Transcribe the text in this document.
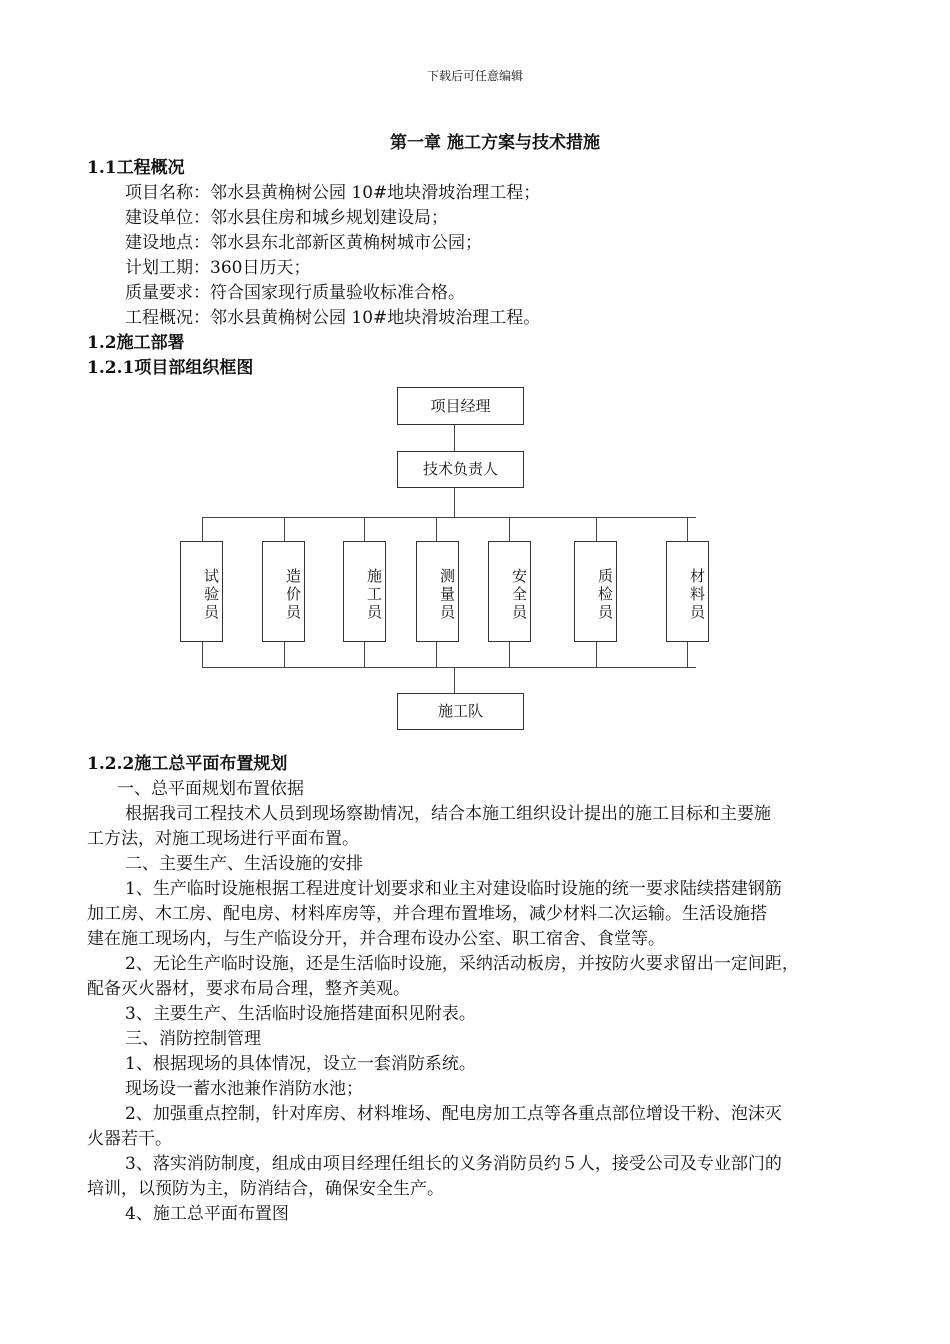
下载后可任意编辑
第一章 施工方案与技术措施
1.1工程概况
项目名称：邻水县黄桷树公园 10#地块滑坡治理工程；
建设单位：邻水县住房和城乡规划建设局；
建设地点：邻水县东北部新区黄桷树城市公园；
计划工期：360日历天；
质量要求：符合国家现行质量验收标准合格。
工程概况：邻水县黄桷树公园 10#地块滑坡治理工程。
1.2施工部署
1.2.1项目部组织框图
项目经理
技术负责人
试验员	造价员	施工员	测量员	安全员	质检员	材料员
施工队
1.2.2施工总平面布置规划
一、总平面规划布置依据
根据我司工程技术人员到现场察勘情况，结合本施工组织设计提出的施工目标和主要施
工方法，对施工现场进行平面布置。
二、主要生产、生活设施的安排
1、生产临时设施根据工程进度计划要求和业主对建设临时设施的统一要求陆续搭建钢筋
加工房、木工房、配电房、材料库房等，并合理布置堆场，减少材料二次运输。生活设施搭
建在施工现场内，与生产临设分开，并合理布设办公室、职工宿舍、食堂等。
2、无论生产临时设施，还是生活临时设施，采纳活动板房，并按防火要求留出一定间距，
配备灭火器材，要求布局合理，整齐美观。
3、主要生产、生活临时设施搭建面积见附表。
三、消防控制管理
1、根据现场的具体情况，设立一套消防系统。
现场设一蓄水池兼作消防水池；
2、加强重点控制，针对库房、材料堆场、配电房加工点等各重点部位增设干粉、泡沫灭
火器若干。
3、落实消防制度，组成由项目经理任组长的义务消防员约５人，接受公司及专业部门的
培训，以预防为主，防消结合，确保安全生产。
4、施工总平面布置图
